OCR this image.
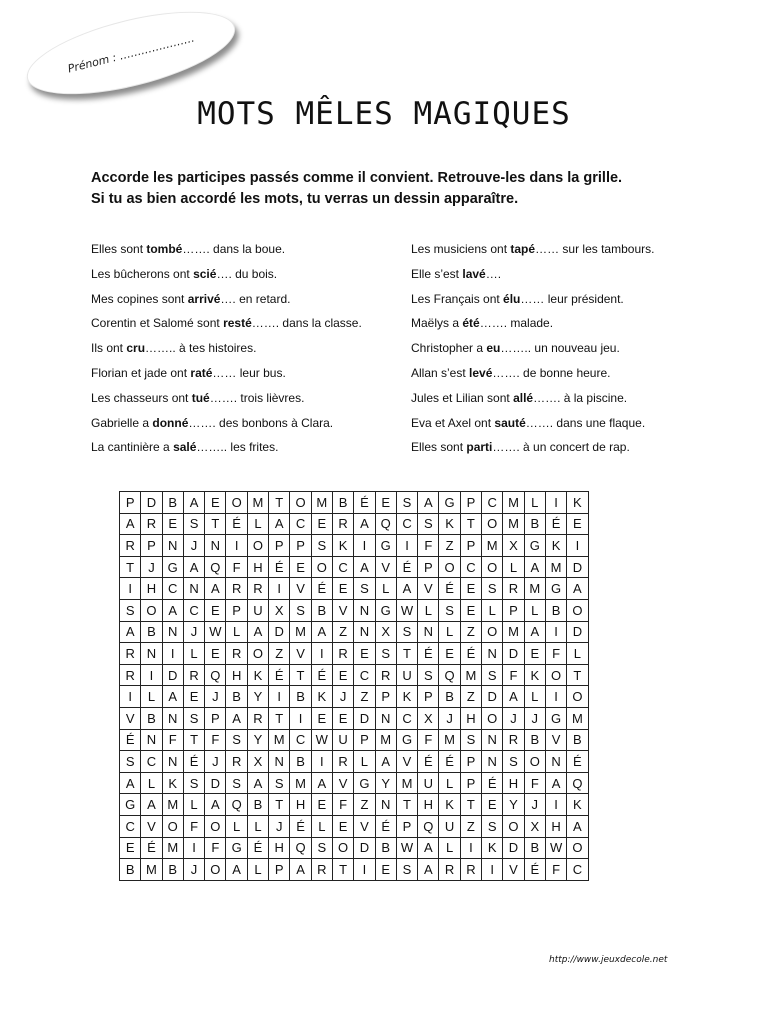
Prénom : …………………
MOTS MÊLES MAGIQUES
Accorde les participes passés comme il convient. Retrouve-les dans la grille.
Si tu as bien accordé les mots, tu verras un dessin apparaître.
Elles sont tombé……. dans la boue.
Les bûcherons ont scié…. du bois.
Mes copines sont arrivé…. en retard.
Corentin et Salomé sont resté……. dans la classe.
Ils ont cru…….. à tes histoires.
Florian et jade ont raté…… leur bus.
Les chasseurs ont tué……. trois lièvres.
Gabrielle a donné……. des bonbons à Clara.
La cantinière a salé…….. les frites.
Les musiciens ont tapé…… sur les tambours.
Elle s’est lavé….
Les Français ont élu…… leur président.
Maëlys a été……. malade.
Christopher a eu…….. un nouveau jeu.
Allan s’est levé……. de bonne heure.
Jules et Lilian sont allé……. à la piscine.
Eva et Axel ont sauté……. dans une flaque.
Elles sont parti……. à un concert de rap.
P	D	B	A	E	O	M	T	O	M	B	É	E	S	A	G	P	C	M	L	I	K
A	R	E	S	T	É	L	A	C	E	R	A	Q	C	S	K	T	O	M	B	É	E
R	P	N	J	N	I	O	P	P	S	K	I	G	I	F	Z	P	M	X	G	K	I
T	J	G	A	Q	F	H	É	E	O	C	A	V	É	P	O	C	O	L	A	M	D
I	H	C	N	A	R	R	I	V	É	E	S	L	A	V	É	E	S	R	M	G	A
S	O	A	C	E	P	U	X	S	B	V	N	G	W	L	S	E	L	P	L	B	O
A	B	N	J	W	L	A	D	M	A	Z	N	X	S	N	L	Z	O	M	A	I	D
R	N	I	L	E	R	O	Z	V	I	R	E	S	T	É	E	É	N	D	E	F	L
R	I	D	R	Q	H	K	É	T	É	E	C	R	U	S	Q	M	S	F	K	O	T
I	L	A	E	J	B	Y	I	B	K	J	Z	P	K	P	B	Z	D	A	L	I	O
V	B	N	S	P	A	R	T	I	E	E	D	N	C	X	J	H	O	J	J	G	M
É	N	F	T	F	S	Y	M	C	W	U	P	M	G	F	M	S	N	R	B	V	B
S	C	N	É	J	R	X	N	B	I	R	L	A	V	É	É	P	N	S	O	N	É
A	L	K	S	D	S	A	S	M	A	V	G	Y	M	U	L	P	É	H	F	A	Q
G	A	M	L	A	Q	B	T	H	E	F	Z	N	T	H	K	T	E	Y	J	I	K
C	V	O	F	O	L	L	J	É	L	E	V	É	P	Q	U	Z	S	O	X	H	A
E	É	M	I	F	G	É	H	Q	S	O	D	B	W	A	L	I	K	D	B	W	O
B	M	B	J	O	A	L	P	A	R	T	I	E	S	A	R	R	I	V	É	F	C
http://www.jeuxdecole.net
